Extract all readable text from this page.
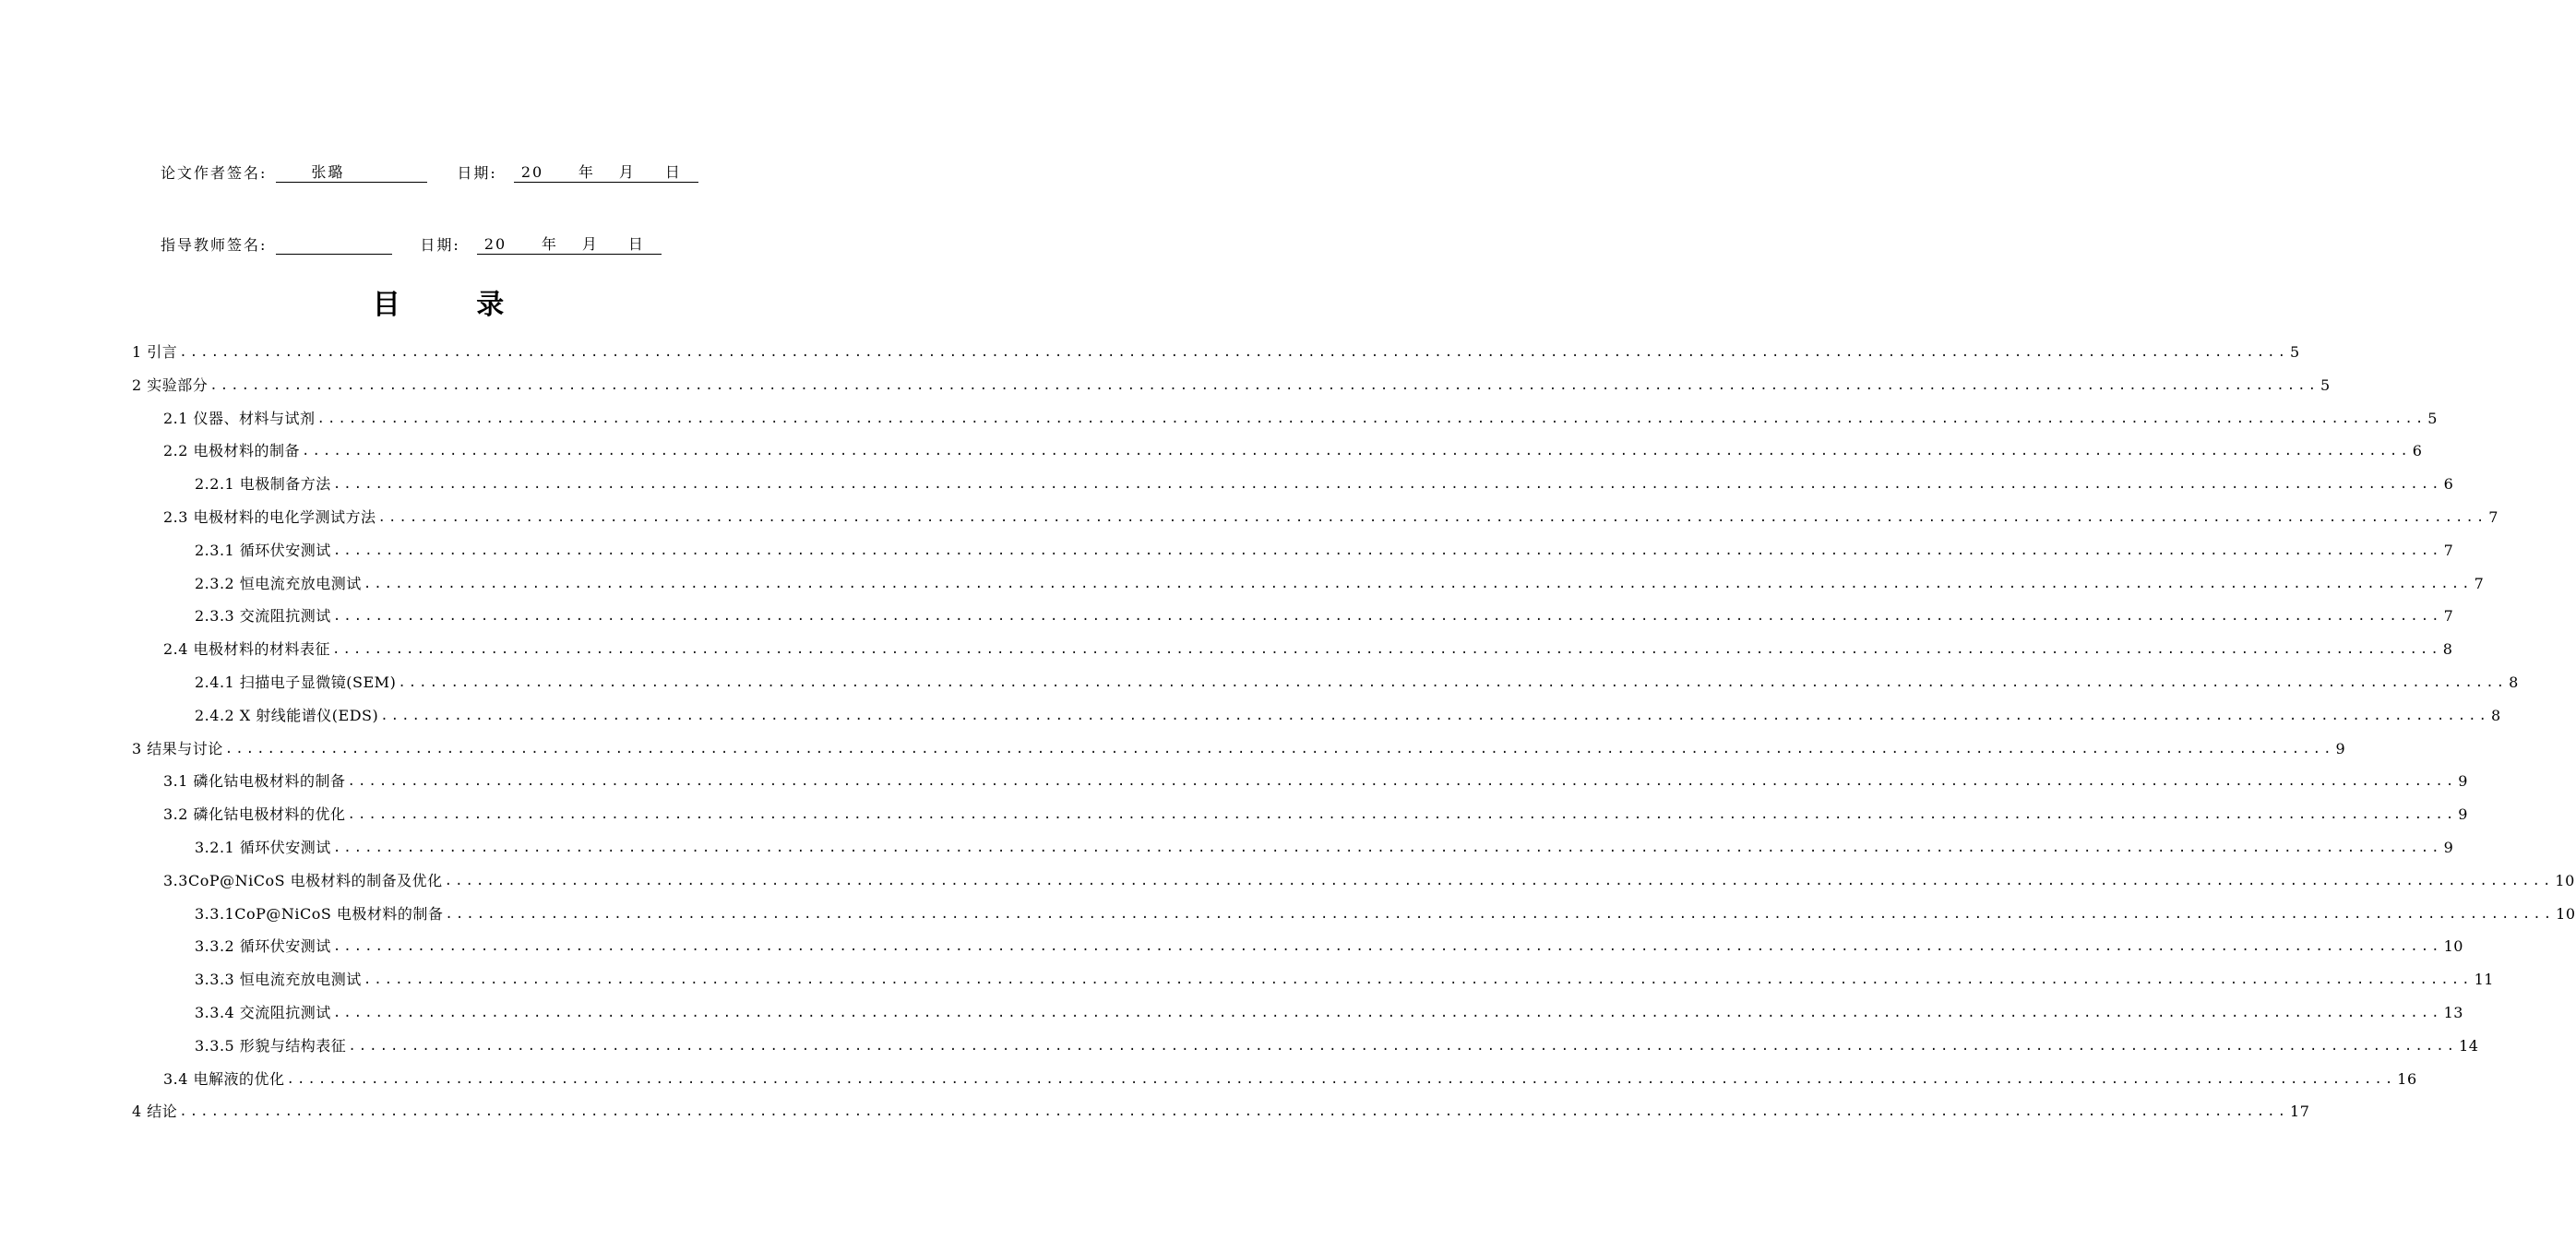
论文作者签名:	张璐	日期: 20	年	月	日
指导教师签名:	日期: 20	年	月	日
目 录
1 引言 ........................................................................................................................................................................................................ 5
2 实验部分 ........................................................................................................................................................................................................ 5
2.1 仪器、材料与试剂 ........................................................................................................................................................................................................ 5
2.2 电极材料的制备 ........................................................................................................................................................................................................ 6
2.2.1 电极制备方法 ........................................................................................................................................................................................................ 6
2.3 电极材料的电化学测试方法 ........................................................................................................................................................................................................ 7
2.3.1 循环伏安测试 ........................................................................................................................................................................................................ 7
2.3.2 恒电流充放电测试 ........................................................................................................................................................................................................ 7
2.3.3 交流阻抗测试 ........................................................................................................................................................................................................ 7
2.4 电极材料的材料表征 ........................................................................................................................................................................................................ 8
2.4.1 扫描电子显微镜(SEM) ........................................................................................................................................................................................................ 8
2.4.2 X 射线能谱仪(EDS) ........................................................................................................................................................................................................ 8
3 结果与讨论 ........................................................................................................................................................................................................ 9
3.1 磷化钴电极材料的制备 ........................................................................................................................................................................................................ 9
3.2 磷化钴电极材料的优化 ........................................................................................................................................................................................................ 9
3.2.1 循环伏安测试 ........................................................................................................................................................................................................ 9
3.3CoP@NiCoS 电极材料的制备及优化 ........................................................................................................................................................................................................ 10
3.3.1CoP@NiCoS 电极材料的制备 ........................................................................................................................................................................................................ 10
3.3.2 循环伏安测试 ........................................................................................................................................................................................................ 10
3.3.3 恒电流充放电测试 ........................................................................................................................................................................................................ 11
3.3.4 交流阻抗测试 ........................................................................................................................................................................................................ 13
3.3.5 形貌与结构表征 ........................................................................................................................................................................................................ 14
3.4 电解液的优化 ........................................................................................................................................................................................................ 16
4 结论 ........................................................................................................................................................................................................ 17
